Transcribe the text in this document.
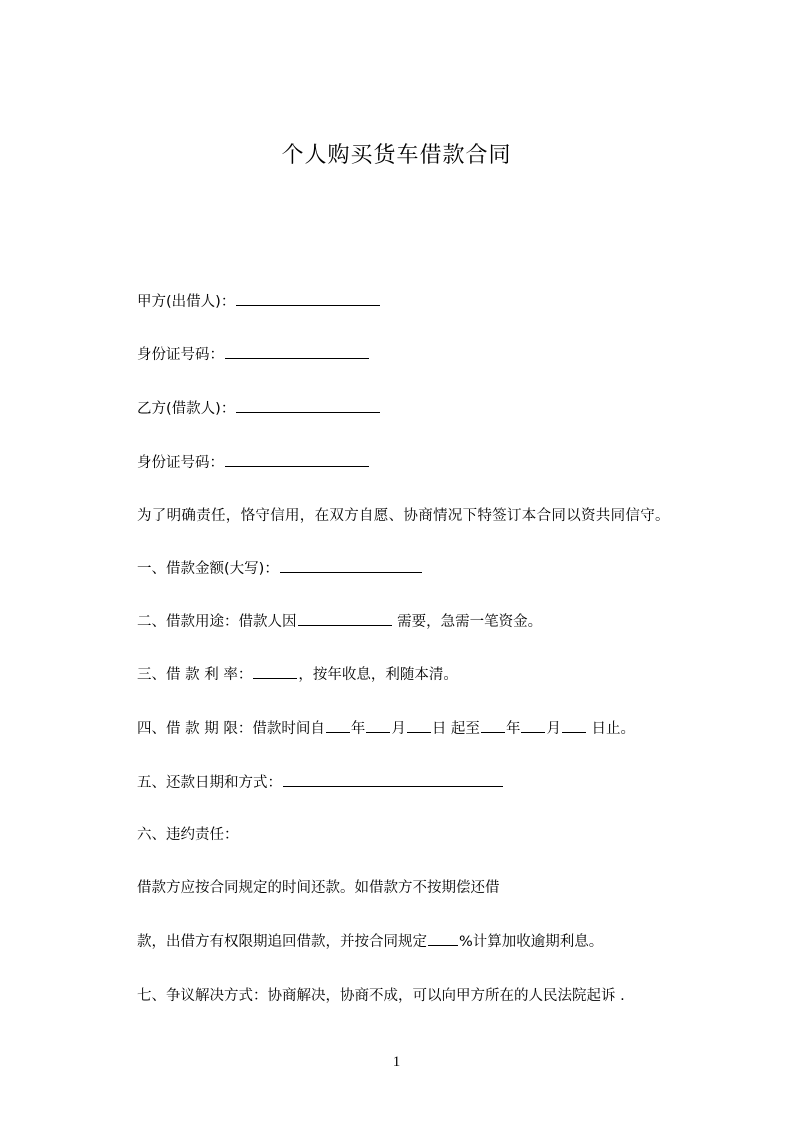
个人购买货车借款合同
甲方(出借人)：
身份证号码：
乙方(借款人)：
身份证号码：
为了明确责任，恪守信用，在双方自愿、协商情况下特签订本合同以资共同信守。
一、借款金额(大写)：
二、借款用途：借款人因	需要，急需一笔资金。
三、借 款 利 率：	，按年收息，利随本清。
四、借 款 期 限：借款时间自 年 月 日 起至 年 月 日止。
五、还款日期和方式：
六、违约责任：
借款方应按合同规定的时间还款。如借款方不按期偿还借
款，出借方有权限期追回借款，并按合同规定 %计算加收逾期利息。
七、争议解决方式：协商解决，协商不成，可以向甲方所在的人民法院起诉 .
1
